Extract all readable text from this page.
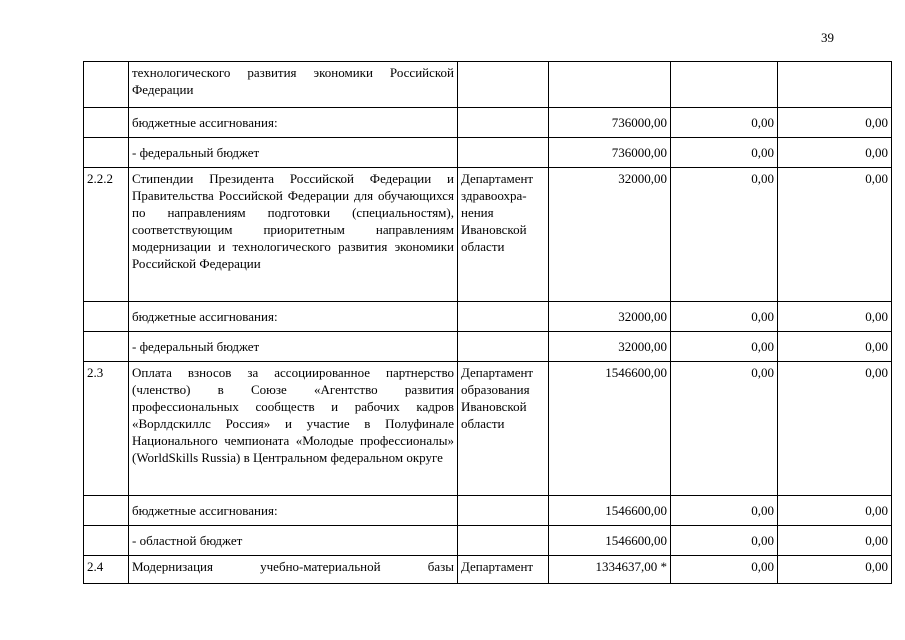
39
	технологического развития экономики Российской Федерации				
	бюджетные ассигнования:		736000,00	0,00	0,00
	- федеральный бюджет		736000,00	0,00	0,00
2.2.2	Стипендии Президента Российской Федерации и Правительства Российской Федерации для обучающихся по направлениям подготовки (специальностям), соответствующим приоритетным направлениям модернизации и технологического развития экономики Российской Федерации	Департамент здравоохра-нения Ивановской области	32000,00	0,00	0,00
	бюджетные ассигнования:		32000,00	0,00	0,00
	- федеральный бюджет		32000,00	0,00	0,00
2.3	Оплата взносов за ассоциированное партнерство (членство) в Союзе «Агентство развития профессиональных сообществ и рабочих кадров «Ворлдскиллс Россия» и участие в Полуфинале Национального чемпионата «Молодые профессионалы» (WorldSkills Russia) в Центральном федеральном округе	Департамент образования Ивановской области	1546600,00	0,00	0,00
	бюджетные ассигнования:		1546600,00	0,00	0,00
	- областной бюджет		1546600,00	0,00	0,00
2.4	Модернизация учебно-материальной базы	Департамент	1334637,00 *	0,00	0,00
